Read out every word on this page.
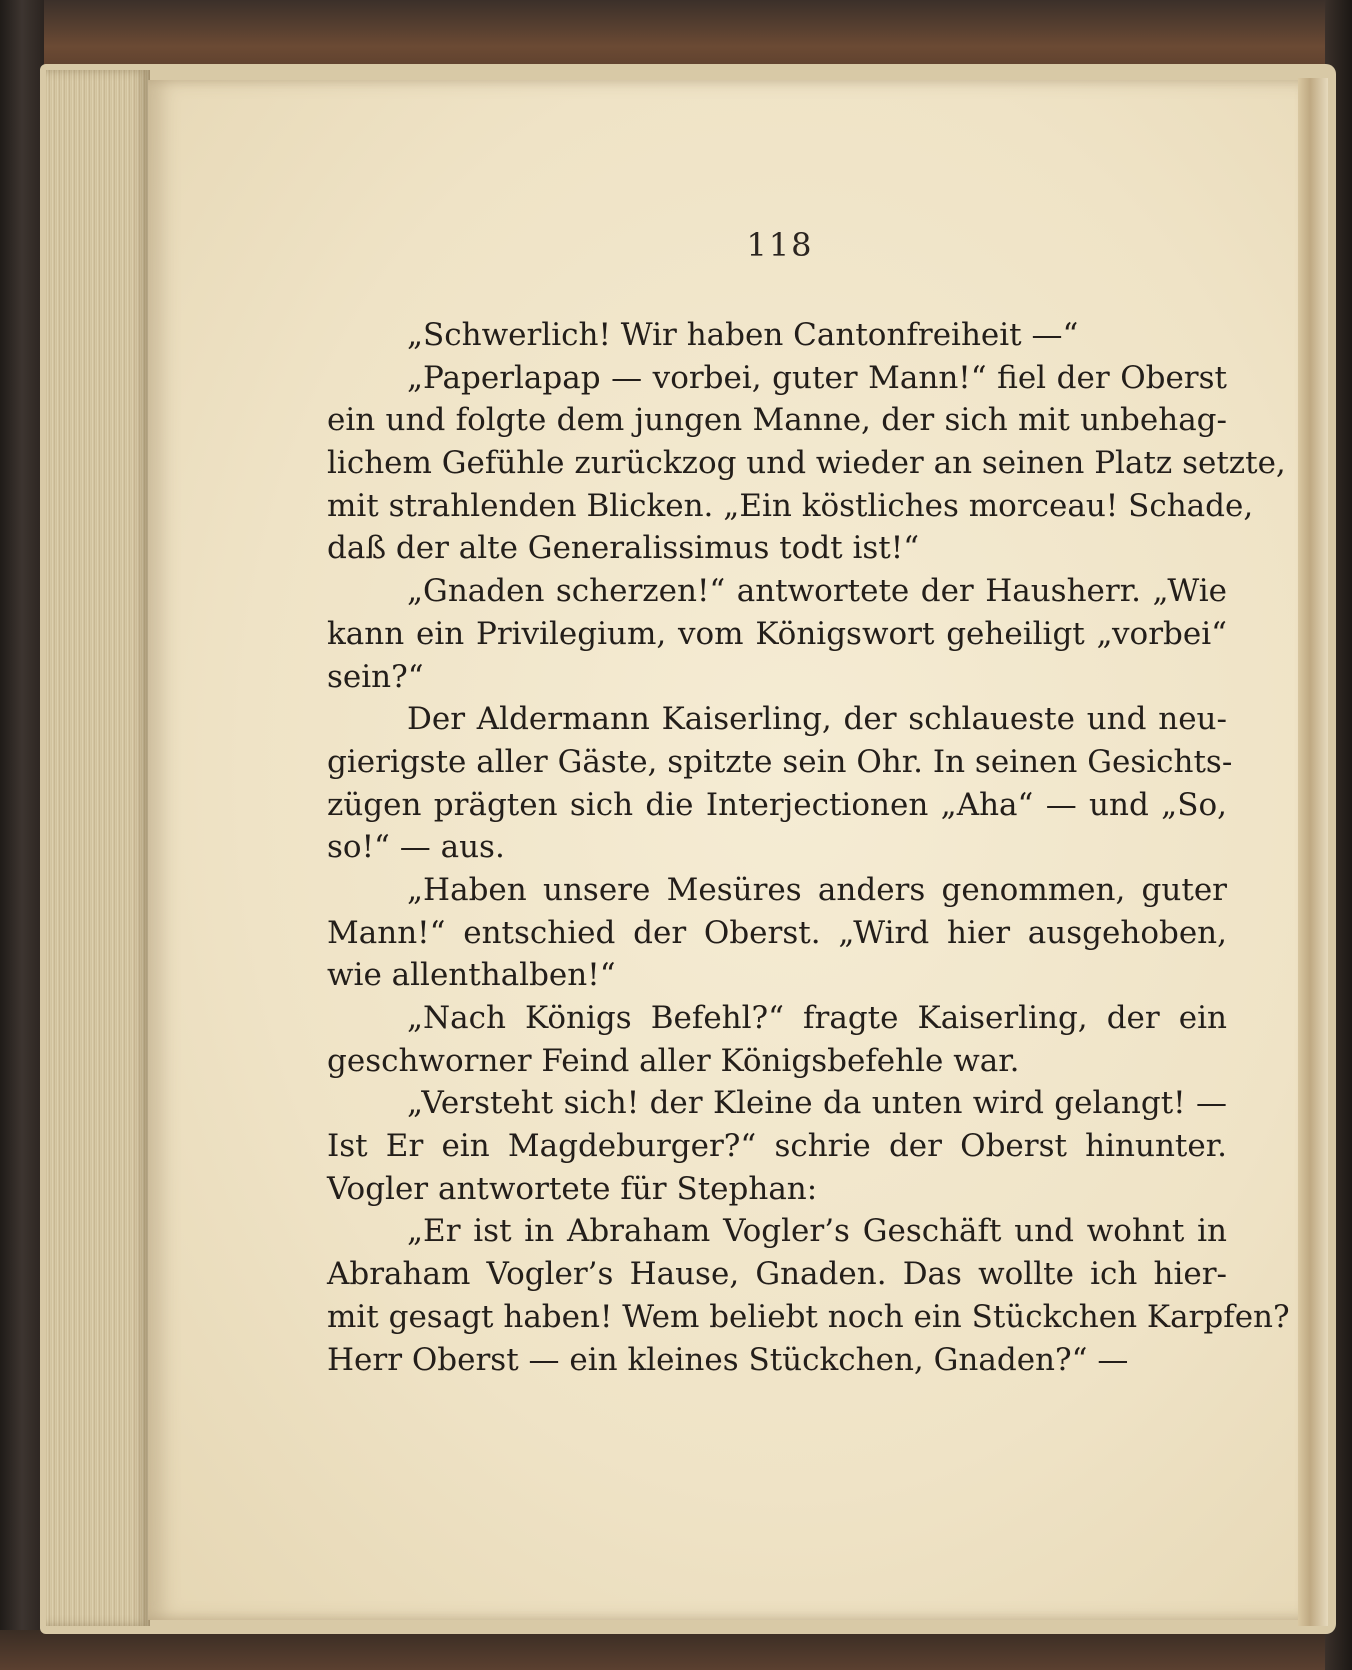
118
„Schwerlich! Wir haben Cantonfreiheit —“
„Paperlapap — vorbei, guter Mann!“ fiel der Oberst
ein und folgte dem jungen Manne, der sich mit unbehag-
lichem Gefühle zurückzog und wieder an seinen Platz setzte,
mit strahlenden Blicken. „Ein köstliches morceau! Schade,
daß der alte Generalissimus todt ist!“
„Gnaden scherzen!“ antwortete der Hausherr. „Wie
kann ein Privilegium, vom Königswort geheiligt „vorbei“
sein?“
Der Aldermann Kaiserling, der schlaueste und neu-
gierigste aller Gäste, spitzte sein Ohr. In seinen Gesichts-
zügen prägten sich die Interjectionen „Aha“ — und „So,
so!“ — aus.
„Haben unsere Mesüres anders genommen, guter
Mann!“ entschied der Oberst. „Wird hier ausgehoben,
wie allenthalben!“
„Nach Königs Befehl?“ fragte Kaiserling, der ein
geschworner Feind aller Königsbefehle war.
„Versteht sich! der Kleine da unten wird gelangt! —
Ist Er ein Magdeburger?“ schrie der Oberst hinunter.
Vogler antwortete für Stephan:
„Er ist in Abraham Vogler’s Geschäft und wohnt in
Abraham Vogler’s Hause, Gnaden. Das wollte ich hier-
mit gesagt haben! Wem beliebt noch ein Stückchen Karpfen?
Herr Oberst — ein kleines Stückchen, Gnaden?“ —
